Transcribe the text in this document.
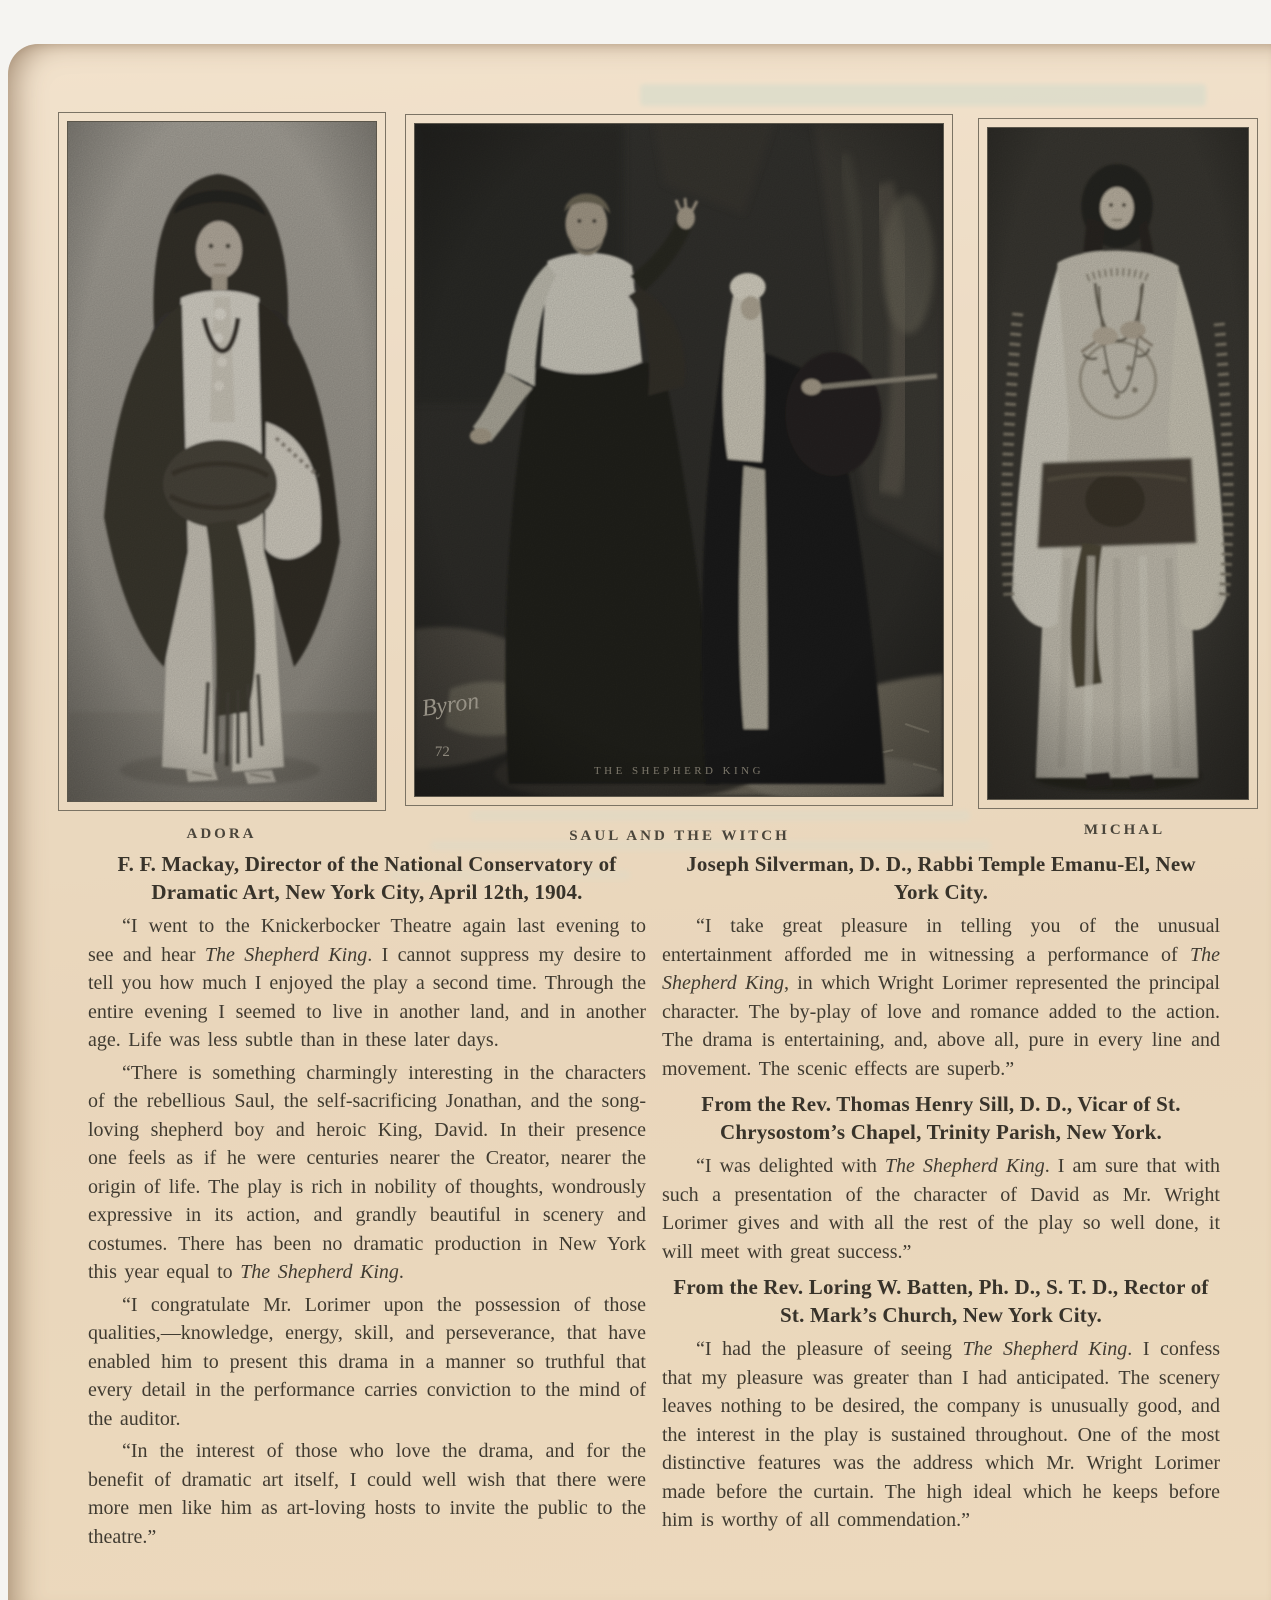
THE SHEPHERD KING
Byron
72
ADORA	SAUL AND THE WITCH	MICHAL
F. F. Mackay, Director of the National Conservatory of Dramatic Art, New York City, April 12th, 1904.

“I went to the Knickerbocker Theatre again last evening to see and hear The Shepherd King. I cannot suppress my desire to tell you how much I enjoyed the play a second time. Through the entire evening I seemed to live in another land, and in another age. Life was less subtle than in these later days.

“There is something charmingly interesting in the characters of the rebellious Saul, the self-sacrificing Jonathan, and the song-loving shepherd boy and heroic King, David. In their presence one feels as if he were centuries nearer the Creator, nearer the origin of life. The play is rich in nobility of thoughts, wondrously expressive in its action, and grandly beautiful in scenery and costumes. There has been no dramatic production in New York this year equal to The Shepherd King.

“I congratulate Mr. Lorimer upon the possession of those qualities,—knowledge, energy, skill, and perseverance, that have enabled him to present this drama in a manner so truthful that every detail in the performance carries conviction to the mind of the auditor.

“In the interest of those who love the drama, and for the benefit of dramatic art itself, I could well wish that there were more men like him as art-loving hosts to invite the public to the theatre.”

Joseph Silverman, D. D., Rabbi Temple Emanu-El, New York City.

“I take great pleasure in telling you of the unusual entertainment afforded me in witnessing a performance of The Shepherd King, in which Wright Lorimer represented the principal character. The by-play of love and romance added to the action. The drama is entertaining, and, above all, pure in every line and movement. The scenic effects are superb.”

From the Rev. Thomas Henry Sill, D. D., Vicar of St. Chrysostom’s Chapel, Trinity Parish, New York.

“I was delighted with The Shepherd King. I am sure that with such a presentation of the character of David as Mr. Wright Lorimer gives and with all the rest of the play so well done, it will meet with great success.”

From the Rev. Loring W. Batten, Ph. D., S. T. D., Rector of St. Mark’s Church, New York City.

“I had the pleasure of seeing The Shepherd King. I confess that my pleasure was greater than I had anticipated. The scenery leaves nothing to be desired, the company is unusually good, and the interest in the play is sustained throughout. One of the most distinctive features was the address which Mr. Wright Lorimer made before the curtain. The high ideal which he keeps before him is worthy of all commendation.”
